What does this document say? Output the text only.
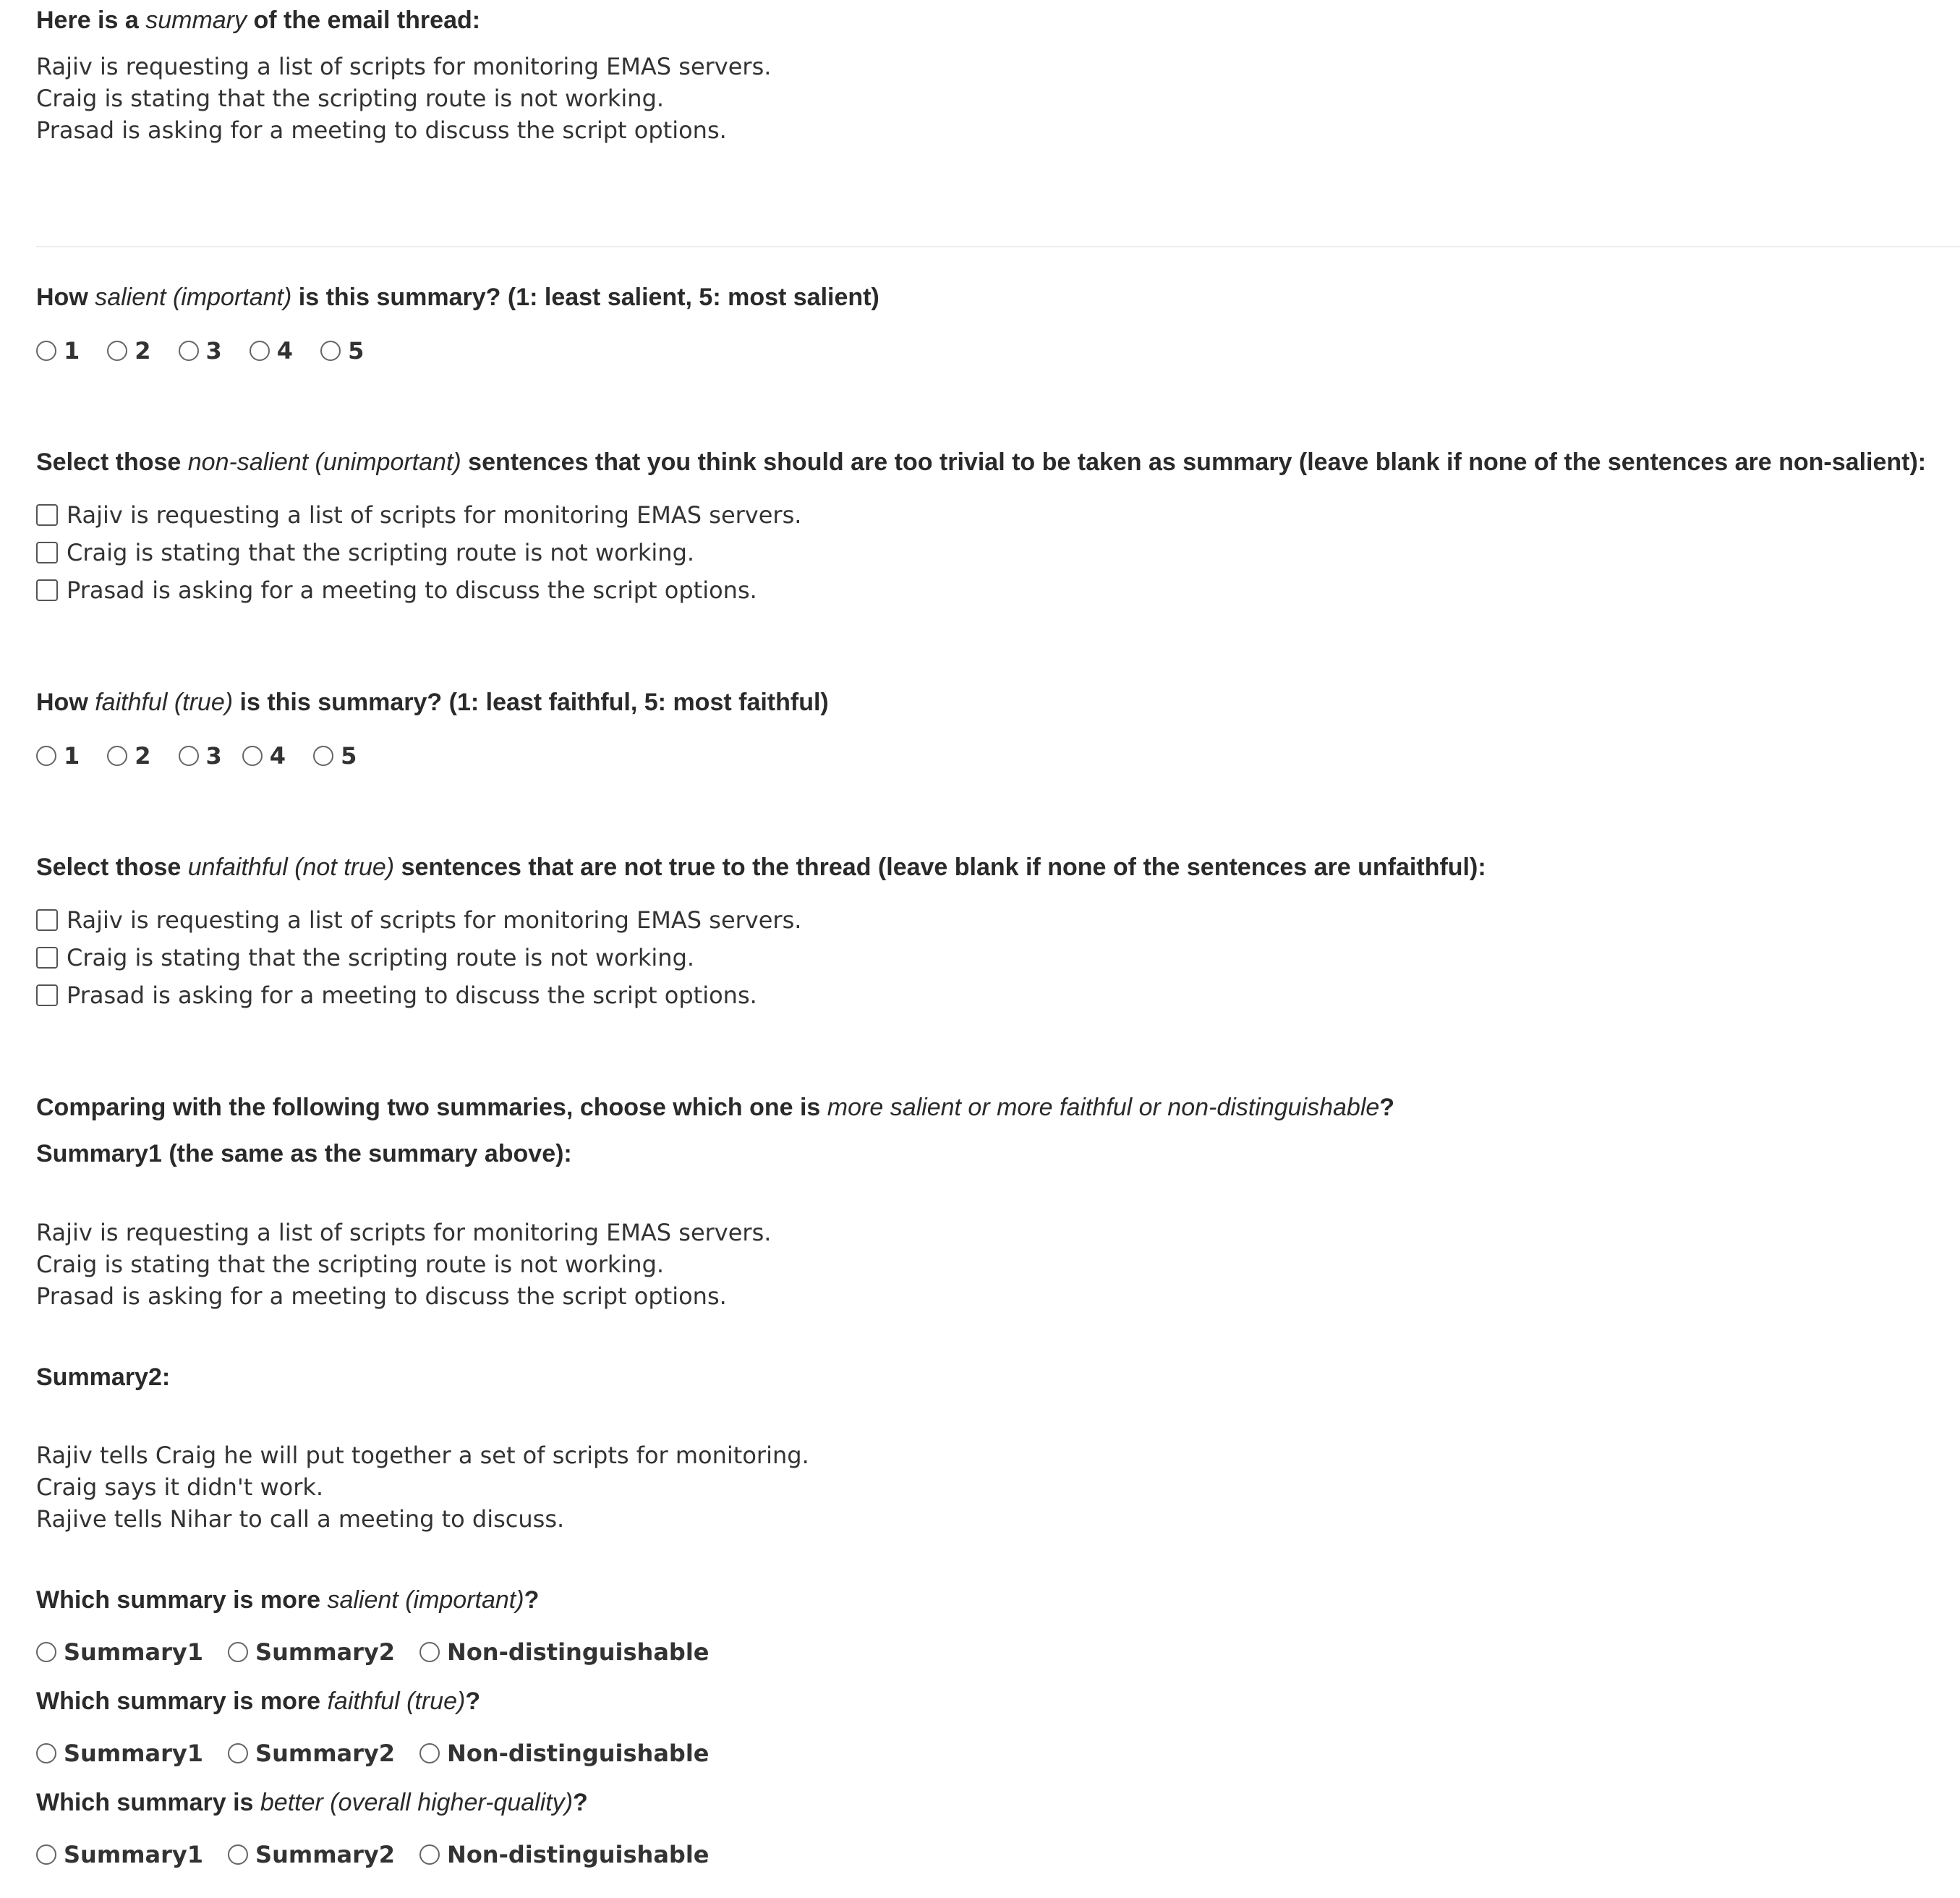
Here is a summary of the email thread:
Rajiv is requesting a list of scripts for monitoring EMAS servers.
Craig is stating that the scripting route is not working.
Prasad is asking for a meeting to discuss the script options.
How salient (important) is this summary? (1: least salient, 5: most salient)
1 2 3 4 5
Select those non-salient (unimportant) sentences that you think should are too trivial to be taken as summary (leave blank if none of the sentences are non-salient):
Rajiv is requesting a list of scripts for monitoring EMAS servers.
Craig is stating that the scripting route is not working.
Prasad is asking for a meeting to discuss the script options.
How faithful (true) is this summary? (1: least faithful, 5: most faithful)
1 2 3 4 5
Select those unfaithful (not true) sentences that are not true to the thread (leave blank if none of the sentences are unfaithful):
Rajiv is requesting a list of scripts for monitoring EMAS servers.
Craig is stating that the scripting route is not working.
Prasad is asking for a meeting to discuss the script options.
Comparing with the following two summaries, choose which one is more salient or more faithful or non-distinguishable?
Summary1 (the same as the summary above):
Rajiv is requesting a list of scripts for monitoring EMAS servers.
Craig is stating that the scripting route is not working.
Prasad is asking for a meeting to discuss the script options.
Summary2:
Rajiv tells Craig he will put together a set of scripts for monitoring.
Craig says it didn't work.
Rajive tells Nihar to call a meeting to discuss.
Which summary is more salient (important)?
Summary1 Summary2 Non-distinguishable
Which summary is more faithful (true)?
Summary1 Summary2 Non-distinguishable
Which summary is better (overall higher-quality)?
Summary1 Summary2 Non-distinguishable
